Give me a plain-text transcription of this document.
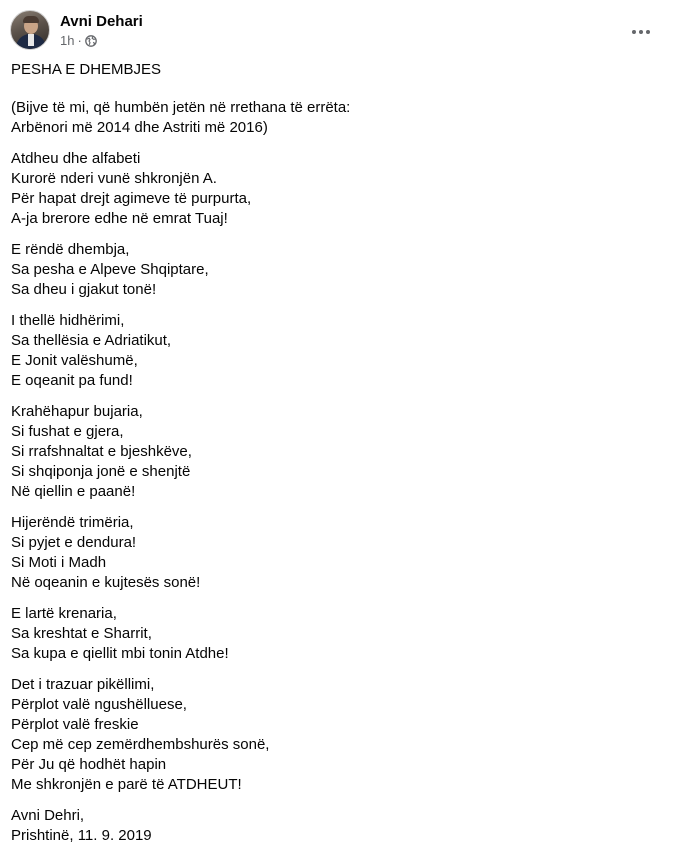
Avni Dehari
1h ·
PESHA E DHEMBJES
(Bijve të mi, që humbën jetën në rrethana të errëta:
Arbënori më 2014 dhe Astriti më 2016)
Atdheu dhe alfabeti
Kurorë nderi vunë shkronjën A.
Për hapat drejt agimeve të purpurta,
A-ja brerore edhe në emrat Tuaj!
E rëndë dhembja,
Sa pesha e Alpeve Shqiptare,
Sa dheu i gjakut tonë!
I thellë hidhërimi,
Sa thellësia e Adriatikut,
E Jonit valëshumë,
E oqeanit pa fund!
Krahëhapur bujaria,
Si fushat e gjera,
Si rrafshnaltat e bjeshkëve,
Si shqiponja jonë e shenjtë
Në qiellin e paanë!
Hijerëndë trimëria,
Si pyjet e dendura!
Si Moti i Madh
Në oqeanin e kujtesës sonë!
E lartë krenaria,
Sa kreshtat e Sharrit,
Sa kupa e qiellit mbi tonin Atdhe!
Det i trazuar pikëllimi,
Përplot valë ngushëlluese,
Përplot valë freskie
Cep më cep zemërdhembshurës sonë,
Për Ju që hodhët hapin
Me shkronjën e parë të ATDHEUT!
Avni Dehri,
Prishtinë, 11. 9. 2019
